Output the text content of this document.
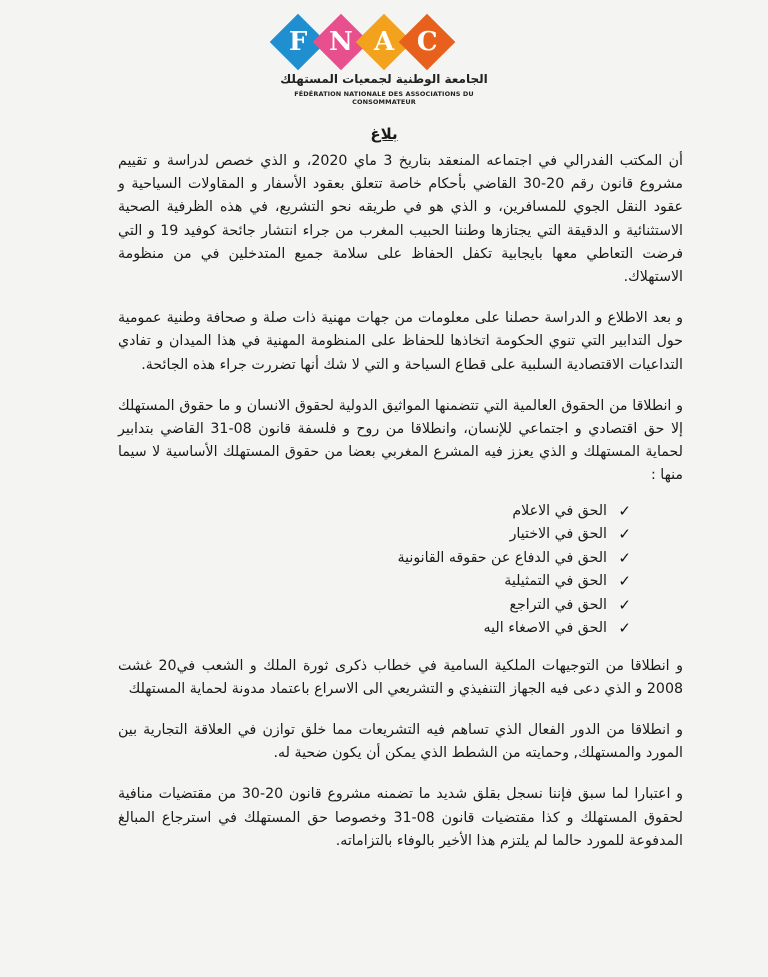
F N A C
الجامعة الوطنية لجمعيات المستهلك
FÉDÉRATION NATIONALE DES ASSOCIATIONS DU CONSOMMATEUR
بلاغ

أن المكتب الفدرالي في اجتماعه المنعقد بتاريخ 3 ماي 2020، و الذي خصص لدراسة و تقييم مشروع قانون رقم 20-30 القاضي بأحكام خاصة تتعلق بعقود الأسفار و المقاولات السياحية و عقود النقل الجوي للمسافرين، و الذي هو في طريقه نحو التشريع، في هذه الظرفية الصحية الاستثنائية و الدقيقة التي يجتازها وطننا الحبيب المغرب من جراء انتشار جائحة كوفيد 19 و التي فرضت التعاطي معها بايجابية تكفل الحفاظ على سلامة جميع المتدخلين في من منظومة الاستهلاك.

و بعد الاطلاع و الدراسة حصلنا على معلومات من جهات مهنية ذات صلة و صحافة وطنية عمومية حول التدابير التي تنوي الحكومة اتخاذها للحفاظ على المنظومة المهنية في هذا الميدان و تفادي التداعيات الاقتصادية السلبية على قطاع السياحة و التي لا شك أنها تضررت جراء هذه الجائحة.

و انطلاقا من الحقوق العالمية التي تتضمنها المواثيق الدولية لحقوق الانسان و ما حقوق المستهلك إلا حق اقتصادي و اجتماعي للإنسان، وانطلاقا من روح و فلسفة قانون 08-31 القاضي بتدابير لحماية المستهلك و الذي يعزز فيه المشرع المغربي بعضا من حقوق المستهلك الأساسية لا سيما منها :

✓
الحق في الاعلام
✓
الحق في الاختيار
✓
الحق في الدفاع عن حقوقه القانونية
✓
الحق في التمثيلية
✓
الحق في التراجع
✓
الحق في الاصغاء اليه

و انطلاقا من التوجيهات الملكية السامية في خطاب ذكرى ثورة الملك و الشعب في20 غشت 2008 و الذي دعى فيه الجهاز التنفيذي و التشريعي الى الاسراع باعتماد مدونة لحماية المستهلك

و انطلاقا من الدور الفعال الذي تساهم فيه التشريعات مما خلق توازن في العلاقة التجارية بين المورد والمستهلك, وحمايته من الشطط الذي يمكن أن يكون ضحية له.

و اعتبارا لما سبق فإننا نسجل بقلق شديد ما تضمنه مشروع قانون 20-30 من مقتضيات منافية لحقوق المستهلك و كذا مقتضيات قانون 08-31 وخصوصا حق المستهلك في استرجاع المبالغ المدفوعة للمورد حالما لم يلتزم هذا الأخير بالوفاء بالتزاماته.
